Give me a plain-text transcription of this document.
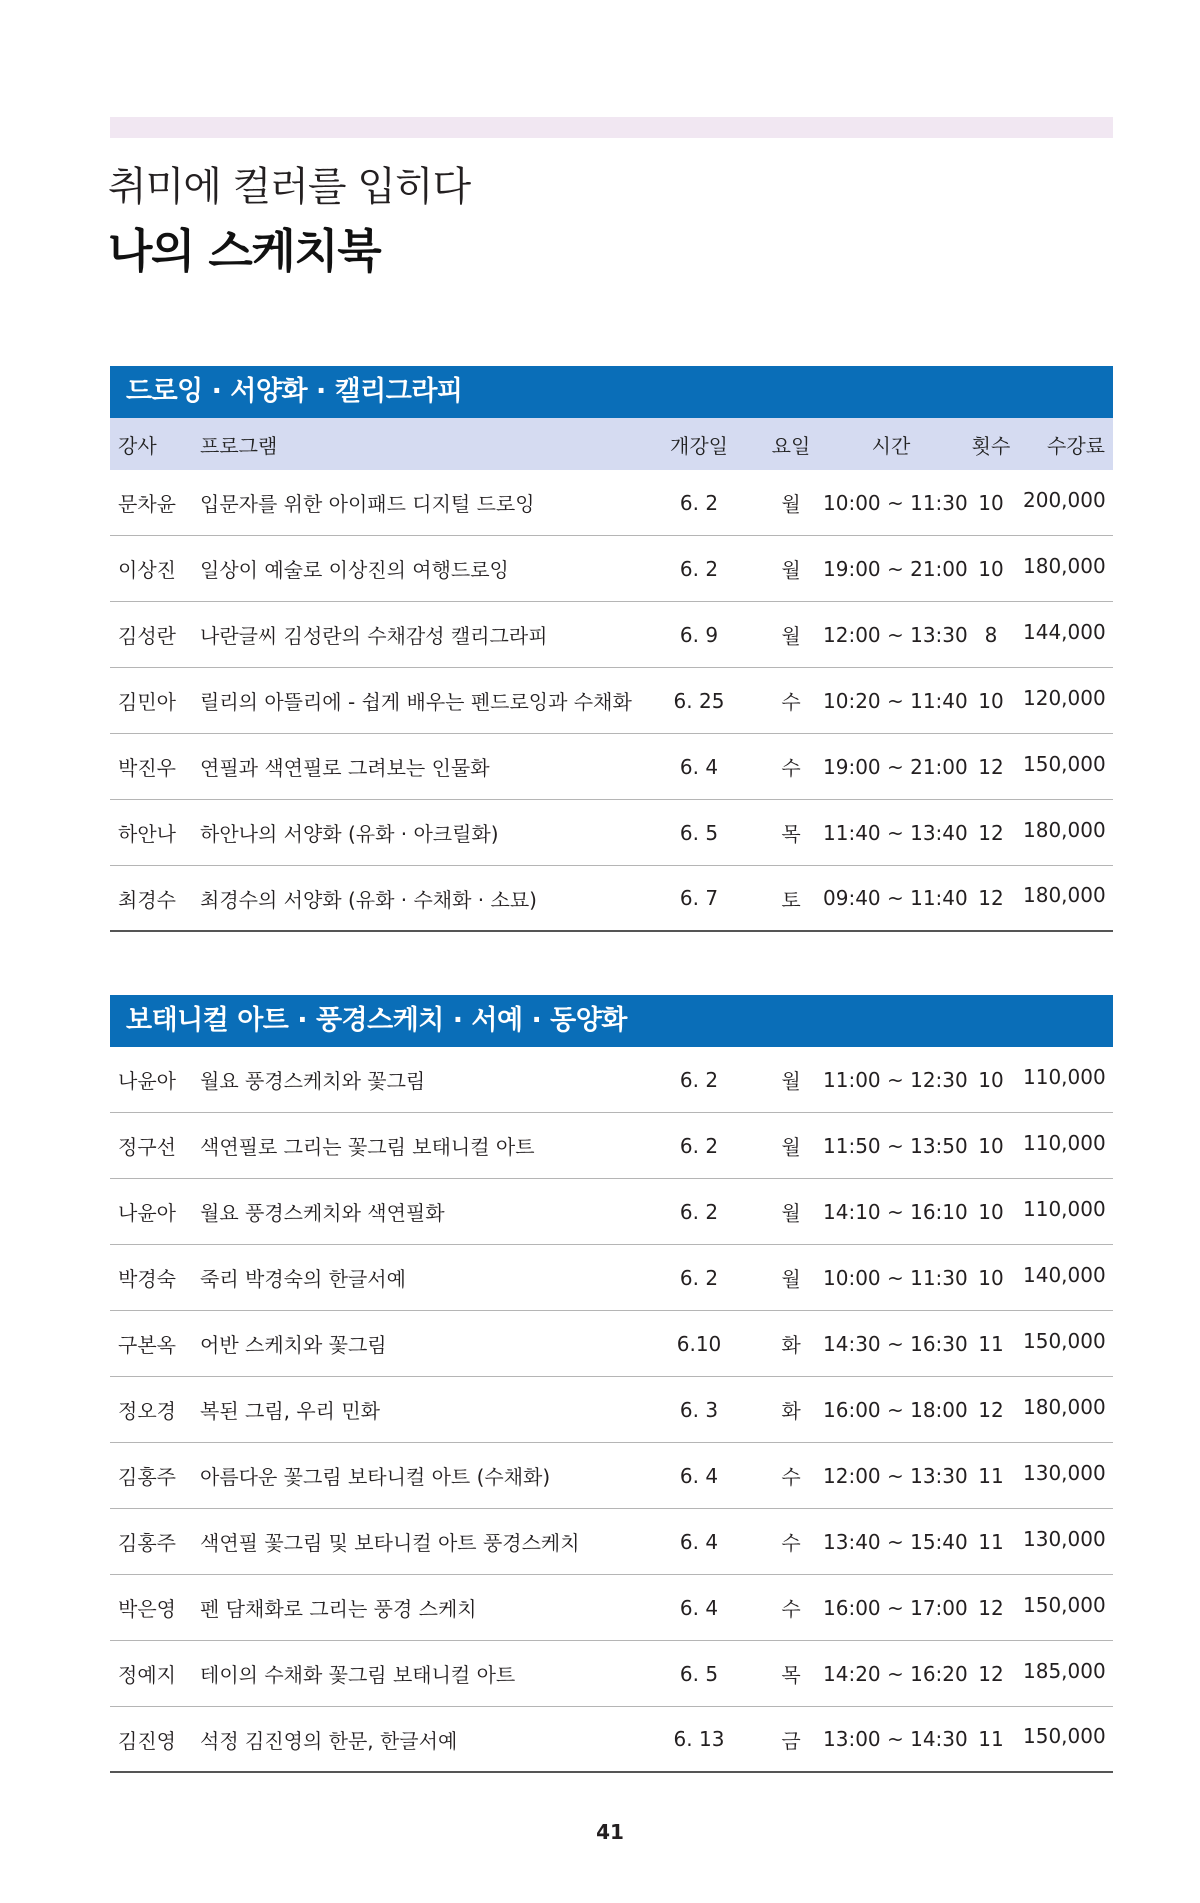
취미에 컬러를 입히다
나의 스케치북
드로잉 · 서양화 · 캘리그라피
강사	프로그램	개강일	요일	시간	횟수	수강료
문차윤	입문자를 위한 아이패드 디지털 드로잉	6. 2	월	10:00 ~ 11:30 10 200,000
이상진	일상이 예술로 이상진의 여행드로잉	6. 2	월	19:00 ~ 21:00 10 180,000
김성란	나란글씨 김성란의 수채감성 캘리그라피	6. 9	월	12:00 ~ 13:30 8	144,000
김민아	릴리의 아뜰리에 - 쉽게 배우는 펜드로잉과 수채화	6. 25	수	10:20 ~ 11:40 10 120,000
박진우	연필과 색연필로 그려보는 인물화	6. 4	수	19:00 ~ 21:00 12 150,000
하안나	하안나의 서양화 (유화 · 아크릴화)	6. 5	목	11:40 ~ 13:40 12 180,000
최경수	최경수의 서양화 (유화 · 수채화 · 소묘)	6. 7	토	09:40 ~ 11:40 12 180,000
보태니컬 아트 · 풍경스케치 · 서예 · 동양화
나윤아	월요 풍경스케치와 꽃그림	6. 2	월	11:00 ~ 12:30 10 110,000
정구선	색연필로 그리는 꽃그림 보태니컬 아트	6. 2	월	11:50 ~ 13:50 10 110,000
나윤아	월요 풍경스케치와 색연필화	6. 2	월	14:10 ~ 16:10 10 110,000
박경숙	죽리 박경숙의 한글서예	6. 2	월	10:00 ~ 11:30 10 140,000
구본옥	어반 스케치와 꽃그림	6.10	화	14:30 ~ 16:30 11 150,000
정오경	복된 그림, 우리 민화	6. 3	화	16:00 ~ 18:00 12 180,000
김홍주	아름다운 꽃그림 보타니컬 아트 (수채화)	6. 4	수	12:00 ~ 13:30 11 130,000
김홍주	색연필 꽃그림 및 보타니컬 아트 풍경스케치	6. 4	수	13:40 ~ 15:40 11 130,000
박은영	펜 담채화로 그리는 풍경 스케치	6. 4	수	16:00 ~ 17:00 12 150,000
정예지	테이의 수채화 꽃그림 보태니컬 아트	6. 5	목	14:20 ~ 16:20 12 185,000
김진영	석정 김진영의 한문, 한글서예	6. 13	금	13:00 ~ 14:30 11 150,000
41
